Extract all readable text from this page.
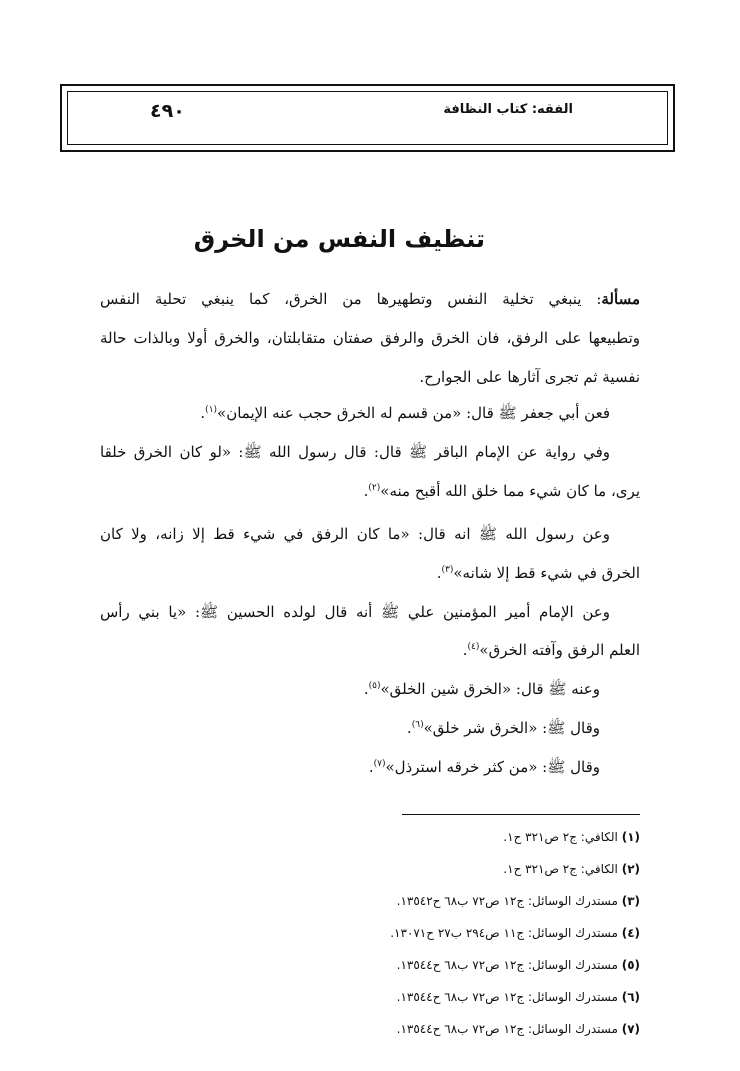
الفقه: كتاب النظافة
٤٩٠
تنظيف النفس من الخرق
مسألة: ينبغي تخلية النفس وتطهيرها من الخرق، كما ينبغي تحلية النفس
وتطبيعها على الرفق، فان الخرق والرفق صفتان متقابلتان، والخرق أولا وبالذات حالة
نفسية ثم تجرى آثارها على الجوارح.
فعن أبي جعفر ﷺ قال: «من قسم له الخرق حجب عنه الإيمان»$^{(١)}$.
وفي رواية عن الإمام الباقر ﷺ قال: قال رسول الله ﷺ: «لو كان الخرق خلقا
يرى، ما كان شيء مما خلق الله أقبح منه»$^{(٢)}$.
وعن رسول الله ﷺ انه قال: «ما كان الرفق في شيء قط إلا زانه، ولا كان
الخرق في شيء قط إلا شانه»$^{(٣)}$.
وعن الإمام أمير المؤمنين علي ﷺ أنه قال لولده الحسين ﷺ: «يا بني رأس
العلم الرفق وآفته الخرق»$^{(٤)}$.
وعنه ﷺ قال: «الخرق شين الخلق»$^{(٥)}$.
وقال ﷺ: «الخرق شر خلق»$^{(٦)}$.
وقال ﷺ: «من كثر خرقه استرذل»$^{(٧)}$.
(١) الكافي: ج٢ ص٣٢١ ح١.
(٢) الكافي: ج٢ ص٣٢١ ح١.
(٣) مستدرك الوسائل: ج١٢ ص٧٢ ب٦٨ ح١٣٥٤٢.
(٤) مستدرك الوسائل: ج١١ ص٢٩٤ ب٢٧ ح١٣٠٧١.
(٥) مستدرك الوسائل: ج١٢ ص٧٢ ب٦٨ ح١٣٥٤٤.
(٦) مستدرك الوسائل: ج١٢ ص٧٢ ب٦٨ ح١٣٥٤٤.
(٧) مستدرك الوسائل: ج١٢ ص٧٢ ب٦٨ ح١٣٥٤٤.
